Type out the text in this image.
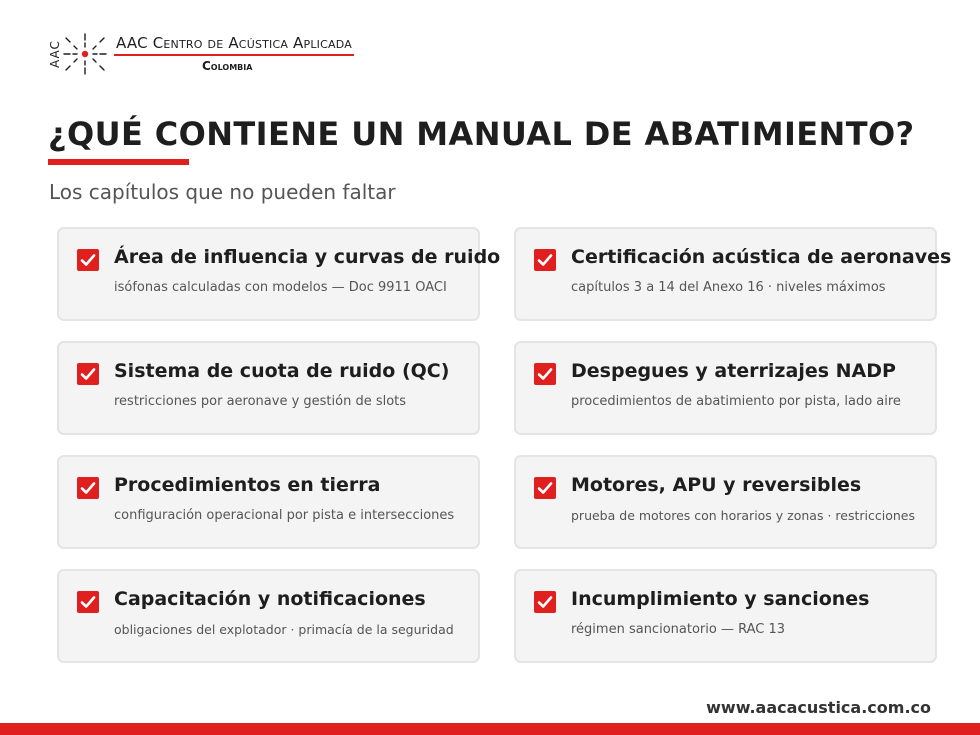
AAC	AAC Centro de Acústica Aplicada
Colombia
¿QUÉ CONTIENE UN MANUAL DE ABATIMIENTO?

Los capítulos que no pueden faltar

Área de influencia y curvas de ruido
isófonas calculadas con modelos — Doc 9911 OACI
Certificación acústica de aeronaves
capítulos 3 a 14 del Anexo 16 · niveles máximos
Sistema de cuota de ruido (QC)
restricciones por aeronave y gestión de slots
Despegues y aterrizajes NADP
procedimientos de abatimiento por pista, lado aire
Procedimientos en tierra
configuración operacional por pista e intersecciones
Motores, APU y reversibles
prueba de motores con horarios y zonas · restricciones
Capacitación y notificaciones
obligaciones del explotador · primacía de la seguridad
Incumplimiento y sanciones
régimen sancionatorio — RAC 13
www.aacacustica.com.co
